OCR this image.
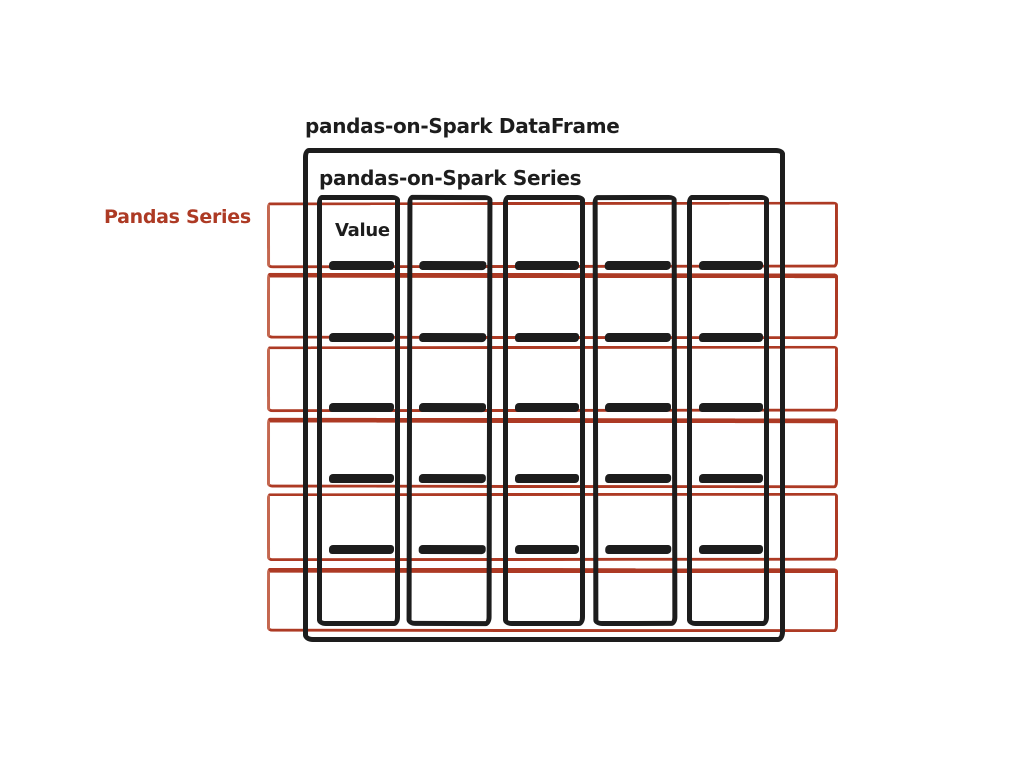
pandas-on-Spark DataFrame
Pandas Series
pandas-on-Spark Series
Value
